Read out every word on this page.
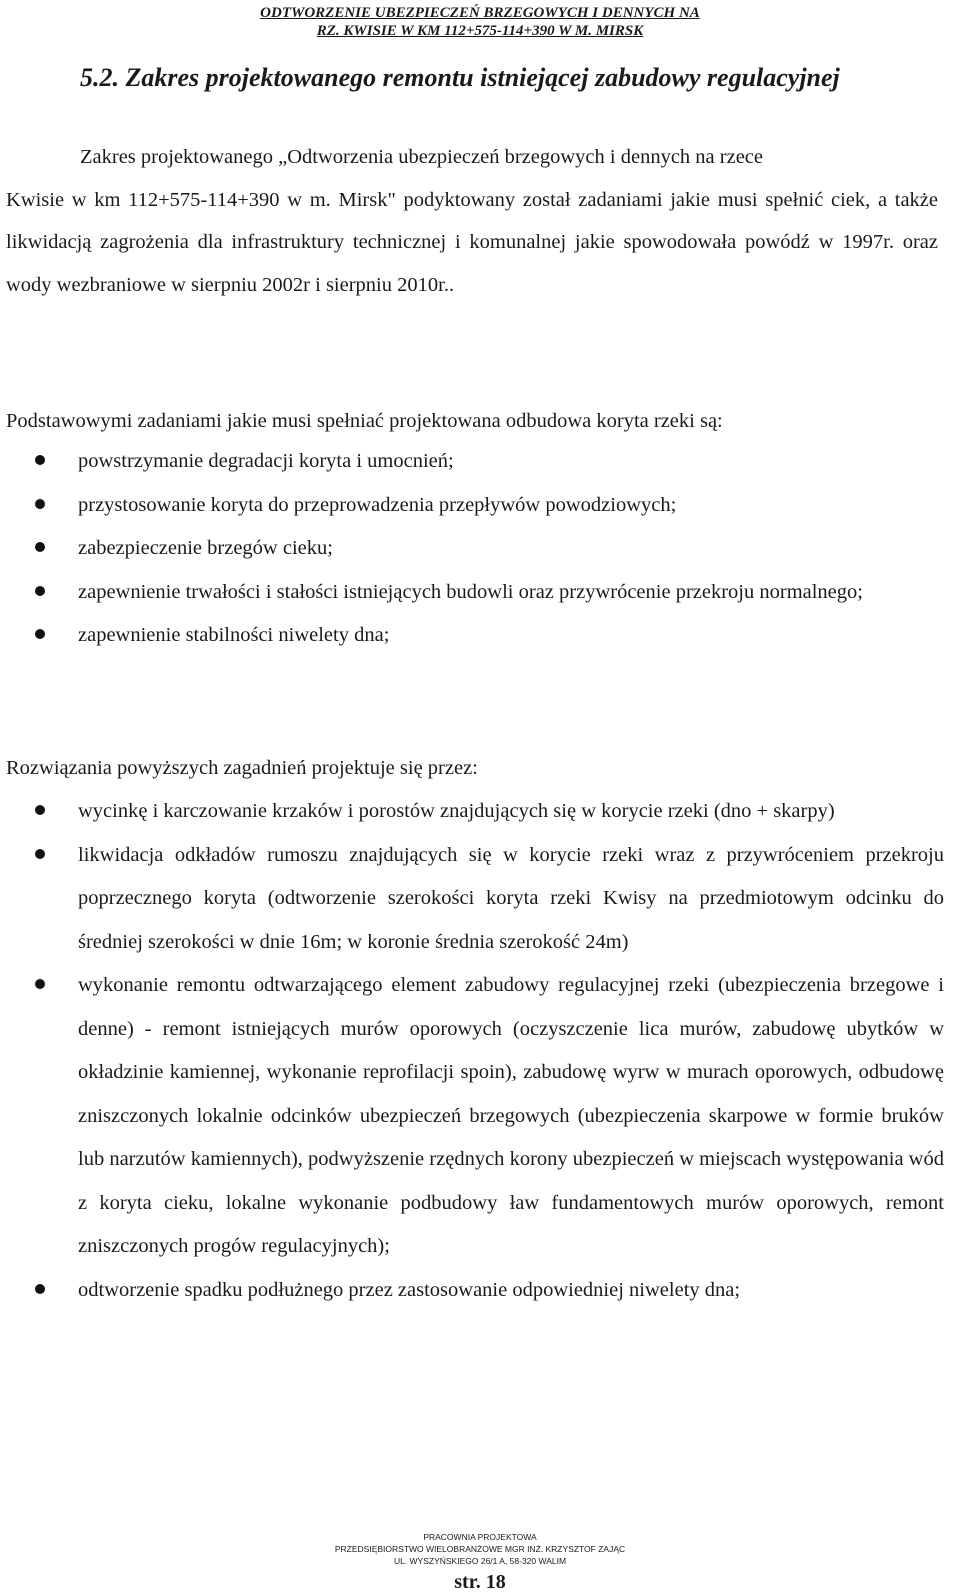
ODTWORZENIE UBEZPIECZEŃ BRZEGOWYCH I DENNYCH NA
RZ. KWISIE W KM 112+575-114+390 W M. MIRSK
5.2. Zakres projektowanego remontu istniejącej zabudowy regulacyjnej
Zakres projektowanego „Odtworzenia ubezpieczeń brzegowych i dennych na rzece
Kwisie w km 112+575-114+390 w m. Mirsk" podyktowany został zadaniami jakie musi spełnić ciek, a także likwidacją zagrożenia dla infrastruktury technicznej i komunalnej jakie spowodowała powódź w 1997r. oraz wody wezbraniowe w sierpniu 2002r i sierpniu 2010r..
Podstawowymi zadaniami jakie musi spełniać projektowana odbudowa koryta rzeki są:
powstrzymanie degradacji koryta i umocnień;
przystosowanie koryta do przeprowadzenia przepływów powodziowych;
zabezpieczenie brzegów cieku;
zapewnienie trwałości i stałości istniejących budowli oraz przywrócenie przekroju normalnego;
zapewnienie stabilności niwelety dna;
Rozwiązania powyższych zagadnień projektuje się przez:
wycinkę i karczowanie krzaków i porostów znajdujących się w korycie rzeki (dno + skarpy)
likwidacja odkładów rumoszu znajdujących się w korycie rzeki wraz z przywróceniem przekroju poprzecznego koryta (odtworzenie szerokości koryta rzeki Kwisy na przedmiotowym odcinku do średniej szerokości w dnie 16m; w koronie średnia szerokość 24m)
wykonanie remontu odtwarzającego element zabudowy regulacyjnej rzeki (ubezpieczenia brzegowe i denne) - remont istniejących murów oporowych (oczyszczenie lica murów, zabudowę ubytków w okładzinie kamiennej, wykonanie reprofilacji spoin), zabudowę wyrw w murach oporowych, odbudowę zniszczonych lokalnie odcinków ubezpieczeń brzegowych (ubezpieczenia skarpowe w formie bruków lub narzutów kamiennych), podwyższenie rzędnych korony ubezpieczeń w miejscach występowania wód z koryta cieku, lokalne wykonanie podbudowy ław fundamentowych murów oporowych, remont zniszczonych progów regulacyjnych);
odtworzenie spadku podłużnego przez zastosowanie odpowiedniej niwelety dna;
PRACOWNIA PROJEKTOWA
PRZEDSIĘBIORSTWO WIELOBRANŻOWE MGR INŻ. KRZYSZTOF ZAJĄC
UL. WYSZYŃSKIEGO 26/1 A, 58-320 WALIM
str. 18
